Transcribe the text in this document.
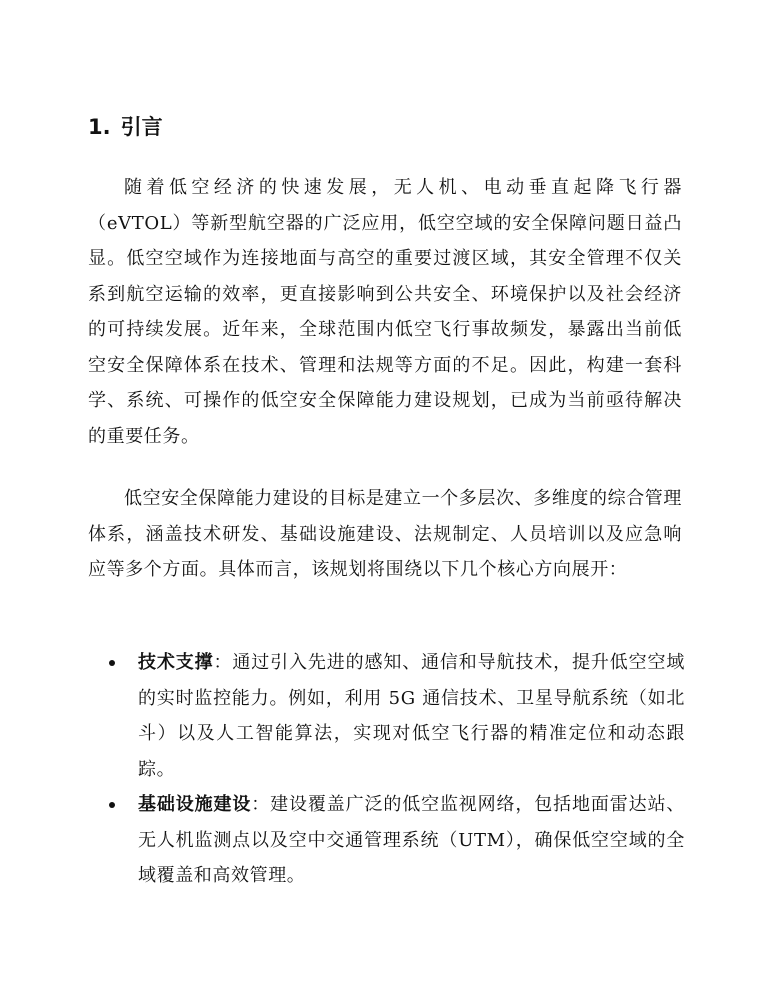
1. 引言

随着低空经济的快速发展，无人机、电动垂直起降飞行器（eVTOL）等新型航空器的广泛应用，低空空域的安全保障问题日益凸显。低空空域作为连接地面与高空的重要过渡区域，其安全管理不仅关系到航空运输的效率，更直接影响到公共安全、环境保护以及社会经济的可持续发展。近年来，全球范围内低空飞行事故频发，暴露出当前低空安全保障体系在技术、管理和法规等方面的不足。因此，构建一套科学、系统、可操作的低空安全保障能力建设规划，已成为当前亟待解决的重要任务。

低空安全保障能力建设的目标是建立一个多层次、多维度的综合管理体系，涵盖技术研发、基础设施建设、法规制定、人员培训以及应急响应等多个方面。具体而言，该规划将围绕以下几个核心方向展开：

技术支撑：通过引入先进的感知、通信和导航技术，提升低空空域的实时监控能力。例如，利用 5G 通信技术、卫星导航系统（如北斗）以及人工智能算法，实现对低空飞行器的精准定位和动态跟踪。
基础设施建设：建设覆盖广泛的低空监视网络，包括地面雷达站、无人机监测点以及空中交通管理系统（UTM），确保低空空域的全域覆盖和高效管理。
